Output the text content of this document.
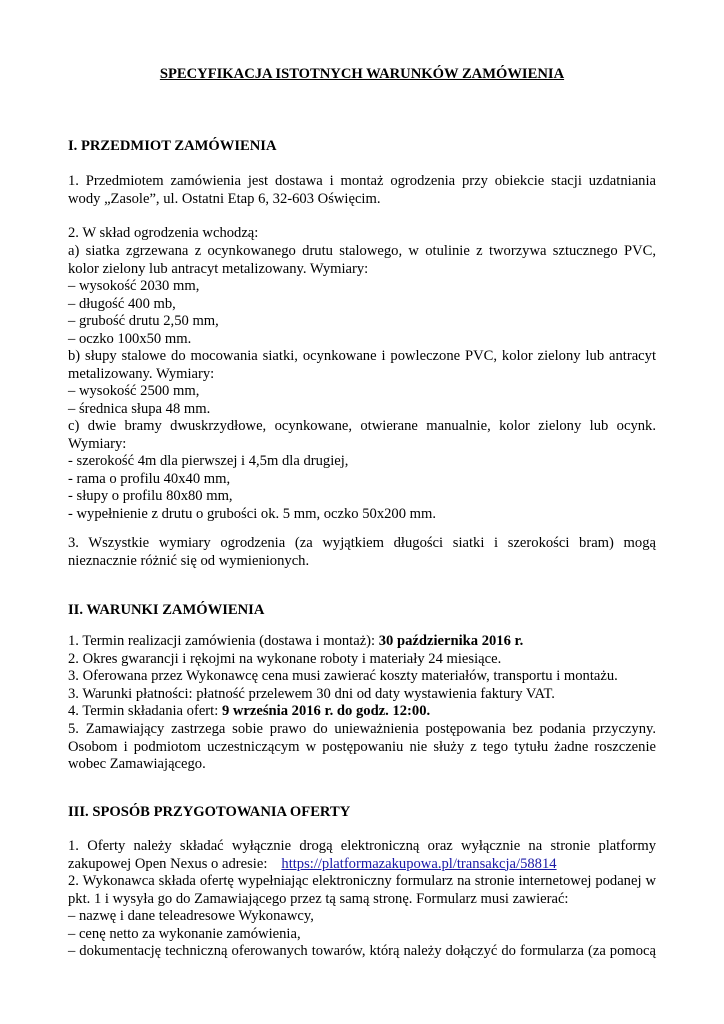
SPECYFIKACJA ISTOTNYCH WARUNKÓW ZAMÓWIENIA
I. PRZEDMIOT ZAMÓWIENIA
1. Przedmiotem zamówienia jest dostawa i montaż ogrodzenia przy obiekcie stacji uzdatniania
wody „Zasole”, ul. Ostatni Etap 6, 32-603 Oświęcim.
2. W skład ogrodzenia wchodzą:
a) siatka zgrzewana z ocynkowanego drutu stalowego, w otulinie z tworzywa sztucznego PVC,
kolor zielony lub antracyt metalizowany. Wymiary:
– wysokość 2030 mm,
– długość 400 mb,
– grubość drutu 2,50 mm,
– oczko 100x50 mm.
b) słupy stalowe do mocowania siatki, ocynkowane i powleczone PVC, kolor zielony lub antracyt
metalizowany. Wymiary:
– wysokość 2500 mm,
– średnica słupa 48 mm.
c) dwie bramy dwuskrzydłowe, ocynkowane, otwierane manualnie, kolor zielony lub ocynk.
Wymiary:
- szerokość 4m dla pierwszej i 4,5m dla drugiej,
- rama o profilu 40x40 mm,
- słupy o profilu 80x80 mm,
- wypełnienie z drutu o grubości ok. 5 mm, oczko 50x200 mm.
3. Wszystkie wymiary ogrodzenia (za wyjątkiem długości siatki i szerokości bram) mogą
nieznacznie różnić się od wymienionych.
II. WARUNKI ZAMÓWIENIA
1. Termin realizacji zamówienia (dostawa i montaż): 30 października 2016 r.
2. Okres gwarancji i rękojmi na wykonane roboty i materiały 24 miesiące.
3. Oferowana przez Wykonawcę cena musi zawierać koszty materiałów, transportu i montażu.
3. Warunki płatności: płatność przelewem 30 dni od daty wystawienia faktury VAT.
4. Termin składania ofert: 9 września 2016 r. do godz. 12:00.
5. Zamawiający zastrzega sobie prawo do unieważnienia postępowania bez podania przyczyny.
Osobom i podmiotom uczestniczącym w postępowaniu nie służy z tego tytułu żadne roszczenie
wobec Zamawiającego.
III. SPOSÓB PRZYGOTOWANIA OFERTY
1. Oferty należy składać wyłącznie drogą elektroniczną oraz wyłącznie na stronie platformy
zakupowej Open Nexus o adresie: https://platformazakupowa.pl/transakcja/58814
2. Wykonawca składa ofertę wypełniając elektroniczny formularz na stronie internetowej podanej w
pkt. 1 i wysyła go do Zamawiającego przez tą samą stronę. Formularz musi zawierać:
– nazwę i dane teleadresowe Wykonawcy,
– cenę netto za wykonanie zamówienia,
– dokumentację techniczną oferowanych towarów, którą należy dołączyć do formularza (za pomocą
